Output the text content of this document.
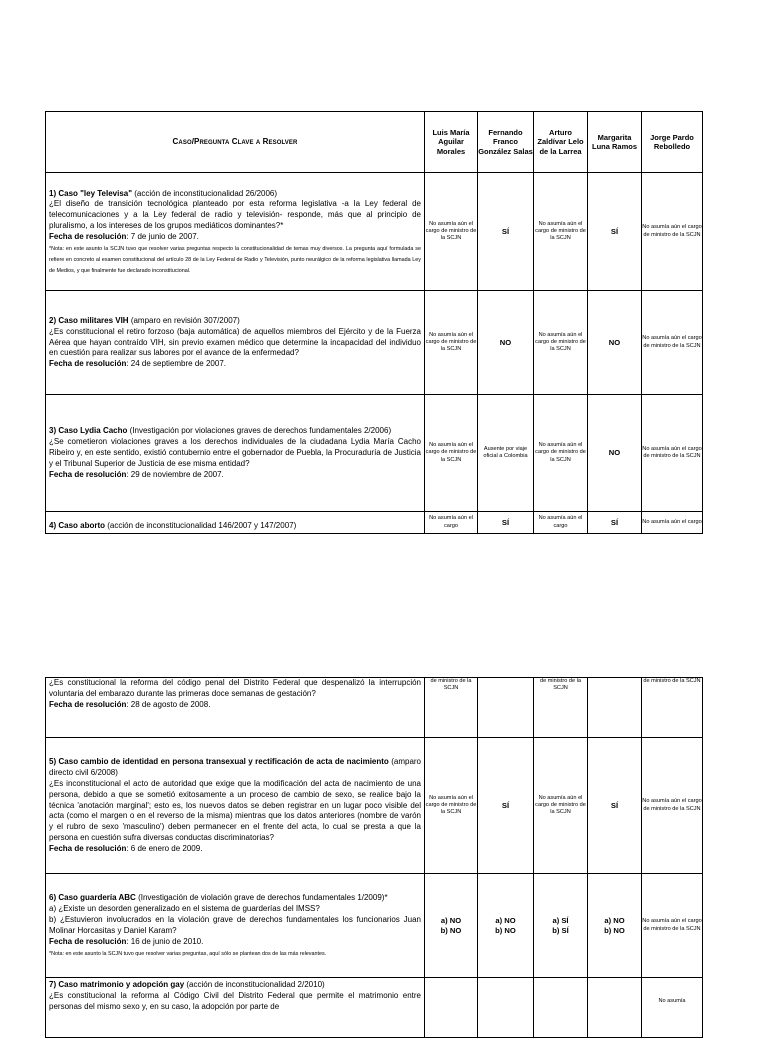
Caso/Pregunta Clave a Resolver	Luis María Aguilar Morales	Fernando Franco González Salas	Arturo Zaldívar Lelo de la Larrea	Margarita Luna Ramos	Jorge Pardo Rebolledo
1) Caso "ley Televisa" (acción de inconstitucionalidad 26/2006)
¿El diseño de transición tecnológica planteado por esta reforma legislativa -a la Ley federal de telecomunicaciones y a la Ley federal de radio y televisión- responde, más que al principio de pluralismo, a los intereses de los grupos mediáticos dominantes?*
Fecha de resolución: 7 de junio de 2007.
*Nota: en este asunto la SCJN tuvo que resolver varias preguntas respecto la constitucionalidad de temas muy diversos. La pregunta aquí formulada se refiere en concreto al examen constitucional del artículo 28 de la Ley Federal de Radio y Televisión, punto neurálgico de la reforma legislativa llamada Ley de Medios, y que finalmente fue declarado inconstitucional.	No asumía aún el cargo de ministro de la SCJN	SÍ	No asumía aún el cargo de ministro de la SCJN	SÍ	No asumía aún el cargo de ministro de la SCJN
2) Caso militares VIH (amparo en revisión 307/2007)
¿Es constitucional el retiro forzoso (baja automática) de aquellos miembros del Ejército y de la Fuerza Aérea que hayan contraído VIH, sin previo examen médico que determine la incapacidad del individuo en cuestión para realizar sus labores por el avance de la enfermedad?
Fecha de resolución: 24 de septiembre de 2007.	No asumía aún el cargo de ministro de la SCJN	NO	No asumía aún el cargo de ministro de la SCJN	NO	No asumía aún el cargo de ministro de la SCJN
3) Caso Lydia Cacho (Investigación por violaciones graves de derechos fundamentales 2/2006)
¿Se cometieron violaciones graves a los derechos individuales de la ciudadana Lydia María Cacho Ribeiro y, en este sentido, existió contubernio entre el gobernador de Puebla, la Procuraduría de Justicia y el Tribunal Superior de Justicia de ese misma entidad?
Fecha de resolución: 29 de noviembre de 2007.	No asumía aún el cargo de ministro de la SCJN	Ausente por viaje oficial a Colombia	No asumía aún el cargo de ministro de la SCJN	NO	No asumía aún el cargo de ministro de la SCJN
4) Caso aborto (acción de inconstitucionalidad 146/2007 y 147/2007)	No asumía aún el cargo	SÍ	No asumía aún el cargo	SÍ	No asumía aún el cargo
¿Es constitucional la reforma del código penal del Distrito Federal que despenalizó la interrupción voluntaria del embarazo durante las primeras doce semanas de gestación?
Fecha de resolución: 28 de agosto de 2008.	de ministro de la SCJN		de ministro de la SCJN		de ministro de la SCJN
5) Caso cambio de identidad en persona transexual y rectificación de acta de nacimiento (amparo directo civil 6/2008)
¿Es inconstitucional el acto de autoridad que exige que la modificación del acta de nacimiento de una persona, debido a que se sometió exitosamente a un proceso de cambio de sexo, se realice bajo la técnica 'anotación marginal'; esto es, los nuevos datos se deben registrar en un lugar poco visible del acta (como el margen o en el reverso de la misma) mientras que los datos anteriores (nombre de varón y el rubro de sexo 'masculino') deben permanecer en el frente del acta, lo cual se presta a que la persona en cuestión sufra diversas conductas discriminatorias?
Fecha de resolución: 6 de enero de 2009.	No asumía aún el cargo de ministro de la SCJN	SÍ	No asumía aún el cargo de ministro de la SCJN	SÍ	No asumía aún el cargo de ministro de la SCJN
6) Caso guardería ABC (Investigación de violación grave de derechos fundamentales 1/2009)*
a) ¿Existe un desorden generalizado en el sistema de guarderías del IMSS?
b) ¿Estuvieron involucrados en la violación grave de derechos fundamentales los funcionarios Juan Molinar Horcasitas y Daniel Karam?
Fecha de resolución: 16 de junio de 2010.
*Nota: en este asunto la SCJN tuvo que resolver varias preguntas, aquí sólo se plantean dos de las más relevantes.	a) NO
b) NO	a) NO
b) NO	a) SÍ
b) SÍ	a) NO
b) NO	No asumía aún el cargo de ministro de la SCJN
7) Caso matrimonio y adopción gay (acción de inconstitucionalidad 2/2010)
¿Es constitucional la reforma al Código Civil del Distrito Federal que permite el matrimonio entre personas del mismo sexo y, en su caso, la adopción por parte de					No asumía
